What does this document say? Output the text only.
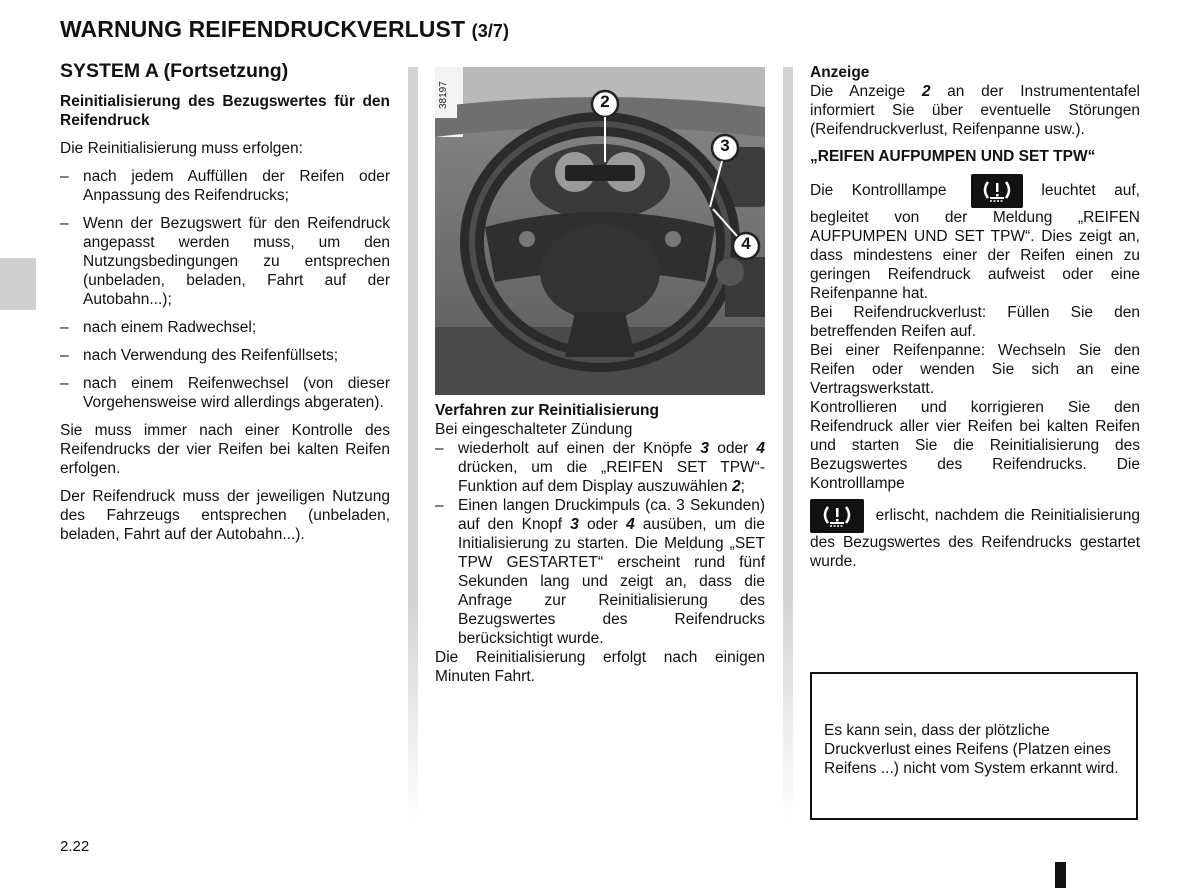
WARNUNG REIFENDRUCKVERLUST (3/7)
SYSTEM A (Fortsetzung)

Reinitialisierung des Bezugswertes für den Reifendruck

Die Reinitialisierung muss erfolgen:

– nach jedem Auffüllen der Reifen oder Anpassung des Reifendrucks;
– Wenn der Bezugswert für den Reifendruck angepasst werden muss, um den Nutzungsbedingungen zu entsprechen (unbeladen, beladen, Fahrt auf der Autobahn...);
– nach einem Radwechsel;
– nach Verwendung des Reifenfüllsets;
– nach einem Reifenwechsel (von dieser Vorgehensweise wird allerdings abgeraten).

Sie muss immer nach einer Kontrolle des Reifendrucks der vier Reifen bei kalten Reifen erfolgen.

Der Reifendruck muss der jeweiligen Nutzung des Fahrzeugs entsprechen (unbeladen, beladen, Fahrt auf der Autobahn...).

38197	2
3
4

Verfahren zur Reinitialisierung

Bei eingeschalteter Zündung

– wiederholt auf einen der Knöpfe 3 oder 4 drücken, um die „REIFEN SET TPW“-Funktion auf dem Display auszuwählen 2;
– Einen langen Druckimpuls (ca. 3 Sekunden) auf den Knopf 3 oder 4 ausüben, um die Initialisierung zu starten. Die Meldung „SET TPW GESTARTET“ erscheint rund fünf Sekunden lang und zeigt an, dass die Anfrage zur Reinitialisierung des Bezugswertes des Reifendrucks berücksichtigt wurde.

Die Reinitialisierung erfolgt nach einigen Minuten Fahrt.

Anzeige

Die Anzeige 2 an der Instrumententafel informiert Sie über eventuelle Störungen (Reifendruckverlust, Reifenpanne usw.).

„REIFEN AUFPUMPEN UND SET TPW“

Die Kontrolllampe	leuchtet auf, begleitet von der Meldung „REIFEN AUFPUMPEN UND SET TPW“. Dies zeigt an, dass mindestens einer der Reifen einen zu geringen Reifendruck aufweist oder eine Reifenpanne hat.

Bei Reifendruckverlust: Füllen Sie den betreffenden Reifen auf.

Bei einer Reifenpanne: Wechseln Sie den Reifen oder wenden Sie sich an eine Vertragswerkstatt.

Kontrollieren und korrigieren Sie den Reifendruck aller vier Reifen bei kalten Reifen und starten Sie die Reinitialisierung des Bezugswertes des Reifendrucks. Die Kontrolllampe

erlischt, nachdem die Reinitialisierung des Bezugswertes des Reifendrucks gestartet wurde.

Es kann sein, dass der plötzliche Druckverlust eines Reifens (Platzen eines Reifens ...) nicht vom System erkannt wird.

2.22
